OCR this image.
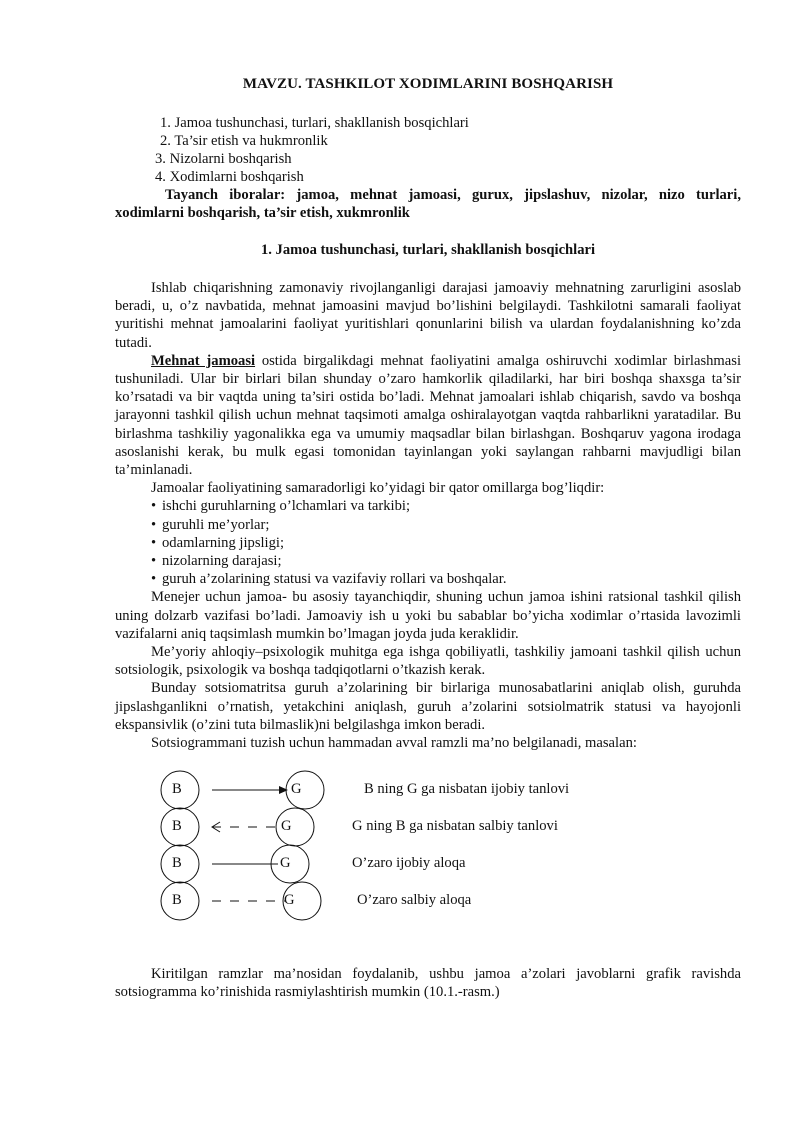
MAVZU. TASHKILOT XODIMLARINI BOSHQARISH
1. Jamoa tushunchasi, turlari, shakllanish bosqichlari
2. Ta’sir etish va hukmronlik
3. Nizolarni boshqarish
4. Xodimlarni boshqarish

Tayanch iboralar: jamoa, mehnat jamoasi, gurux, jipslashuv, nizolar, nizo turlari, xodimlarni boshqarish, ta’sir etish, xukmronlik

1. Jamoa tushunchasi, turlari, shakllanish bosqichlari

Ishlab chiqarishning zamonaviy rivojlanganligi darajasi jamoaviy mehnatning zarurligini asoslab beradi, u, o’z navbatida, mehnat jamoasini mavjud bo’lishini belgilaydi. Tashkilotni samarali faoliyat yuritishi mehnat jamoalarini faoliyat yuritishlari qonunlarini bilish va ulardan foydalanishning ko’zda tutadi.

Mehnat jamoasi ostida birgalikdagi mehnat faoliyatini amalga oshiruvchi xodimlar birlashmasi tushuniladi. Ular bir birlari bilan shunday o’zaro hamkorlik qiladilarki, har biri boshqa shaxsga ta’sir ko’rsatadi va bir vaqtda uning ta’siri ostida bo’ladi. Mehnat jamoalari ishlab chiqarish, savdo va boshqa jarayonni tashkil qilish uchun mehnat taqsimoti amalga oshiralayotgan vaqtda rahbarlikni yaratadilar. Bu birlashma tashkiliy yagonalikka ega va umumiy maqsadlar bilan birlashgan. Boshqaruv yagona irodaga asoslanishi kerak, bu mulk egasi tomonidan tayinlangan yoki saylangan rahbarni mavjudligi bilan ta’minlanadi.

Jamoalar faoliyatining samaradorligi ko’yidagi bir qator omillarga bog’liqdir:

• ishchi guruhlarning o’lchamlari va tarkibi;
• guruhli me’yorlar;
• odamlarning jipsligi;
• nizolarning darajasi;
• guruh a’zolarining statusi va vazifaviy rollari va boshqalar.

Menejer uchun jamoa- bu asosiy tayanchiqdir, shuning uchun jamoa ishini ratsional tashkil qilish uning dolzarb vazifasi bo’ladi. Jamoaviy ish u yoki bu sabablar bo’yicha xodimlar o’rtasida lavozimli vazifalarni aniq taqsimlash mumkin bo’lmagan joyda juda keraklidir.

Me’yoriy ahloqiy–psixologik muhitga ega ishga qobiliyatli, tashkiliy jamoani tashkil qilish uchun sotsiologik, psixologik va boshqa tadqiqotlarni o’tkazish kerak.

Bunday sotsiomatritsa guruh a’zolarining bir birlariga munosabatlarini aniqlab olish, guruhda jipslashganlikni o’rnatish, yetakchini aniqlash, guruh a’zolarini sotsiolmatrik statusi va hayojonli ekspansivlik (o’zini tuta bilmaslik)ni belgilashga imkon beradi.

Sotsiogrammani tuzish uchun hammadan avval ramzli ma’no belgilanadi, masalan:

B	G	B ning G ga nisbatan ijobiy tanlovi
B	G	G ning B ga nisbatan salbiy tanlovi
B	G	O’zaro ijobiy aloqa
B	G	O’zaro salbiy aloqa

Kiritilgan ramzlar ma’nosidan foydalanib, ushbu jamoa a’zolari javoblarni grafik ravishda sotsiogramma ko’rinishida rasmiylashtirish mumkin (10.1.-rasm.)
